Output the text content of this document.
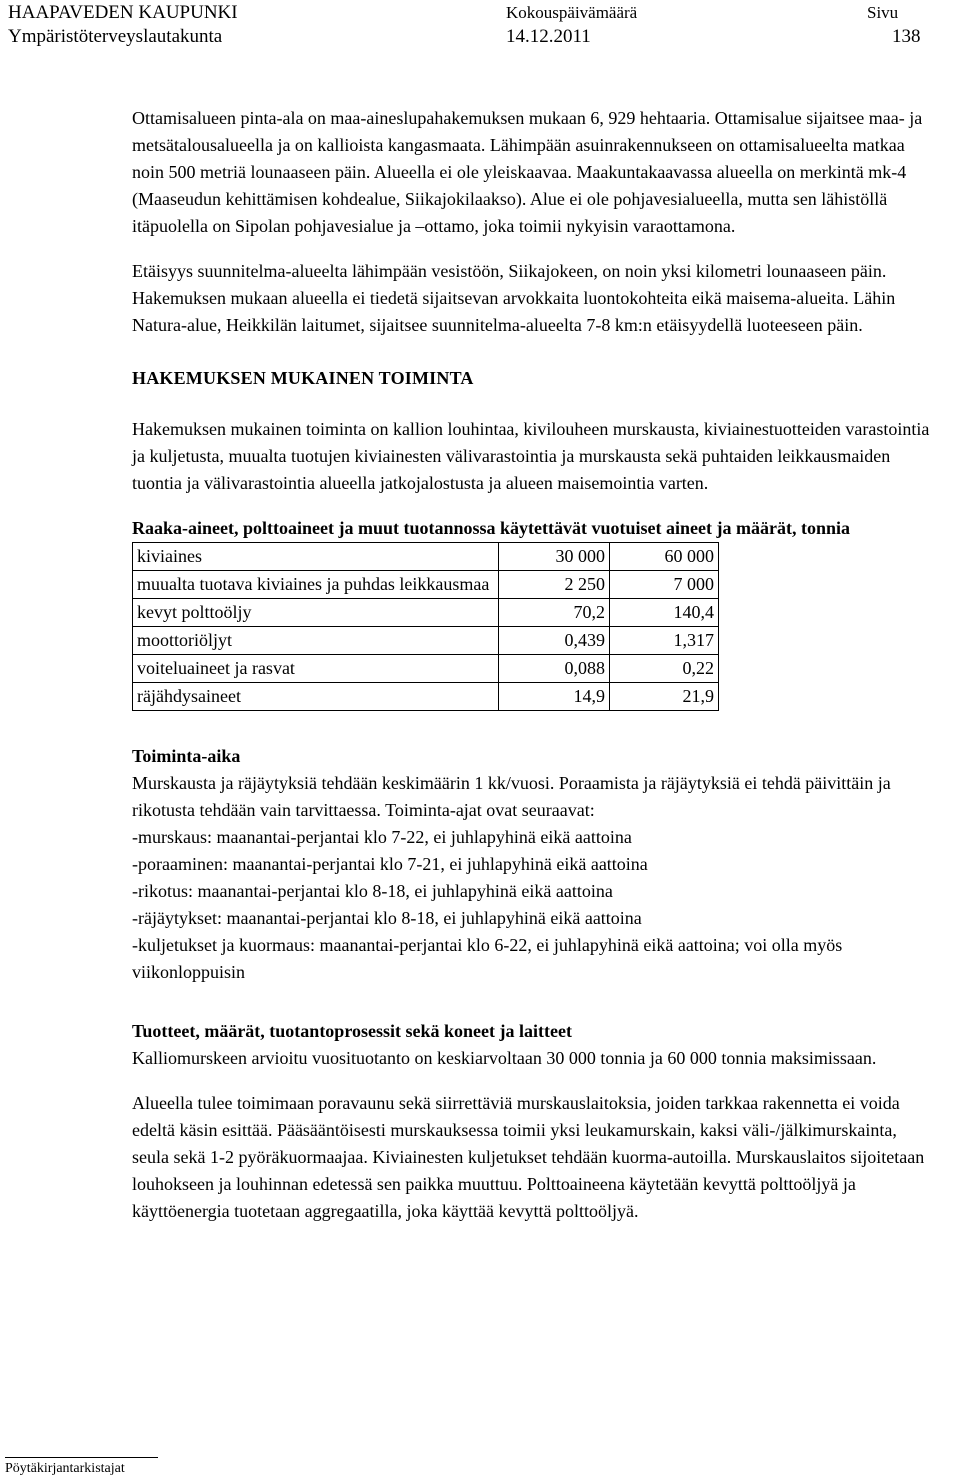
HAAPAVEDEN KAUPUNKI
Ympäristöterveyslautakunta
Kokouspäivämäärä
14.12.2011
Sivu
138

Ottamisalueen pinta-ala on maa-aineslupahakemuksen mukaan 6, 929 hehtaaria. Ottamisalue sijaitsee maa- ja metsätalousalueella ja on kallioista kangasmaata. Lähimpään asuinrakennukseen on ottamisalueelta matkaa noin 500 metriä lounaaseen päin. Alueella ei ole yleiskaavaa. Maakuntakaavassa alueella on merkintä mk-4 (Maaseudun kehittämisen kohdealue, Siikajokilaakso). Alue ei ole pohjavesialueella, mutta sen lähistöllä itäpuolella on Sipolan pohjavesialue ja –ottamo, joka toimii nykyisin varaottamona.

Etäisyys suunnitelma-alueelta lähimpään vesistöön, Siikajokeen, on noin yksi kilometri lounaaseen päin. Hakemuksen mukaan alueella ei tiedetä sijaitsevan arvokkaita luontokohteita eikä maisema-alueita. Lähin Natura-alue, Heikkilän laitumet, sijaitsee suunnitelma-alueelta 7-8 km:n etäisyydellä luoteeseen päin.

HAKEMUKSEN MUKAINEN TOIMINTA

Hakemuksen mukainen toiminta on kallion louhintaa, kivilouheen murskausta, kiviainestuotteiden varastointia ja kuljetusta, muualta tuotujen kiviainesten välivarastointia ja murskausta sekä puhtaiden leikkausmaiden tuontia ja välivarastointia alueella jatkojalostusta ja alueen maisemointia varten.

Raaka-aineet, polttoaineet ja muut tuotannossa käytettävät vuotuiset aineet ja määrät, tonnia

kiviaines	30 000	60 000
muualta tuotava kiviaines ja puhdas leikkausmaa	2 250	7 000
kevyt polttoöljy	70,2	140,4
moottoriöljyt	0,439	1,317
voiteluaineet ja rasvat	0,088	0,22
räjähdysaineet	14,9	21,9

Toiminta-aika

Murskausta ja räjäytyksiä tehdään keskimäärin 1 kk/vuosi. Poraamista ja räjäytyksiä ei tehdä päivittäin ja rikotusta tehdään vain tarvittaessa. Toiminta-ajat ovat seuraavat:

-murskaus: maanantai-perjantai klo 7-22, ei juhlapyhinä eikä aattoina

-poraaminen: maanantai-perjantai klo 7-21, ei juhlapyhinä eikä aattoina

-rikotus: maanantai-perjantai klo 8-18, ei juhlapyhinä eikä aattoina

-räjäytykset: maanantai-perjantai klo 8-18, ei juhlapyhinä eikä aattoina

-kuljetukset ja kuormaus: maanantai-perjantai klo 6-22, ei juhlapyhinä eikä aattoina; voi olla myös viikonloppuisin

Tuotteet, määrät, tuotantoprosessit sekä koneet ja laitteet

Kalliomurskeen arvioitu vuosituotanto on keskiarvoltaan 30 000 tonnia ja 60 000 tonnia maksimissaan.

Alueella tulee toimimaan poravaunu sekä siirrettäviä murskauslaitoksia, joiden tarkkaa rakennetta ei voida edeltä käsin esittää. Pääsääntöisesti murskauksessa toimii yksi leukamurskain, kaksi väli-/jälkimurskainta, seula sekä 1-2 pyöräkuormaajaa. Kiviainesten kuljetukset tehdään kuorma-autoilla. Murskauslaitos sijoitetaan louhokseen ja louhinnan edetessä sen paikka muuttuu. Polttoaineena käytetään kevyttä polttoöljyä ja käyttöenergia tuotetaan aggregaatilla, joka käyttää kevyttä polttoöljyä.

Pöytäkirjantarkistajat
